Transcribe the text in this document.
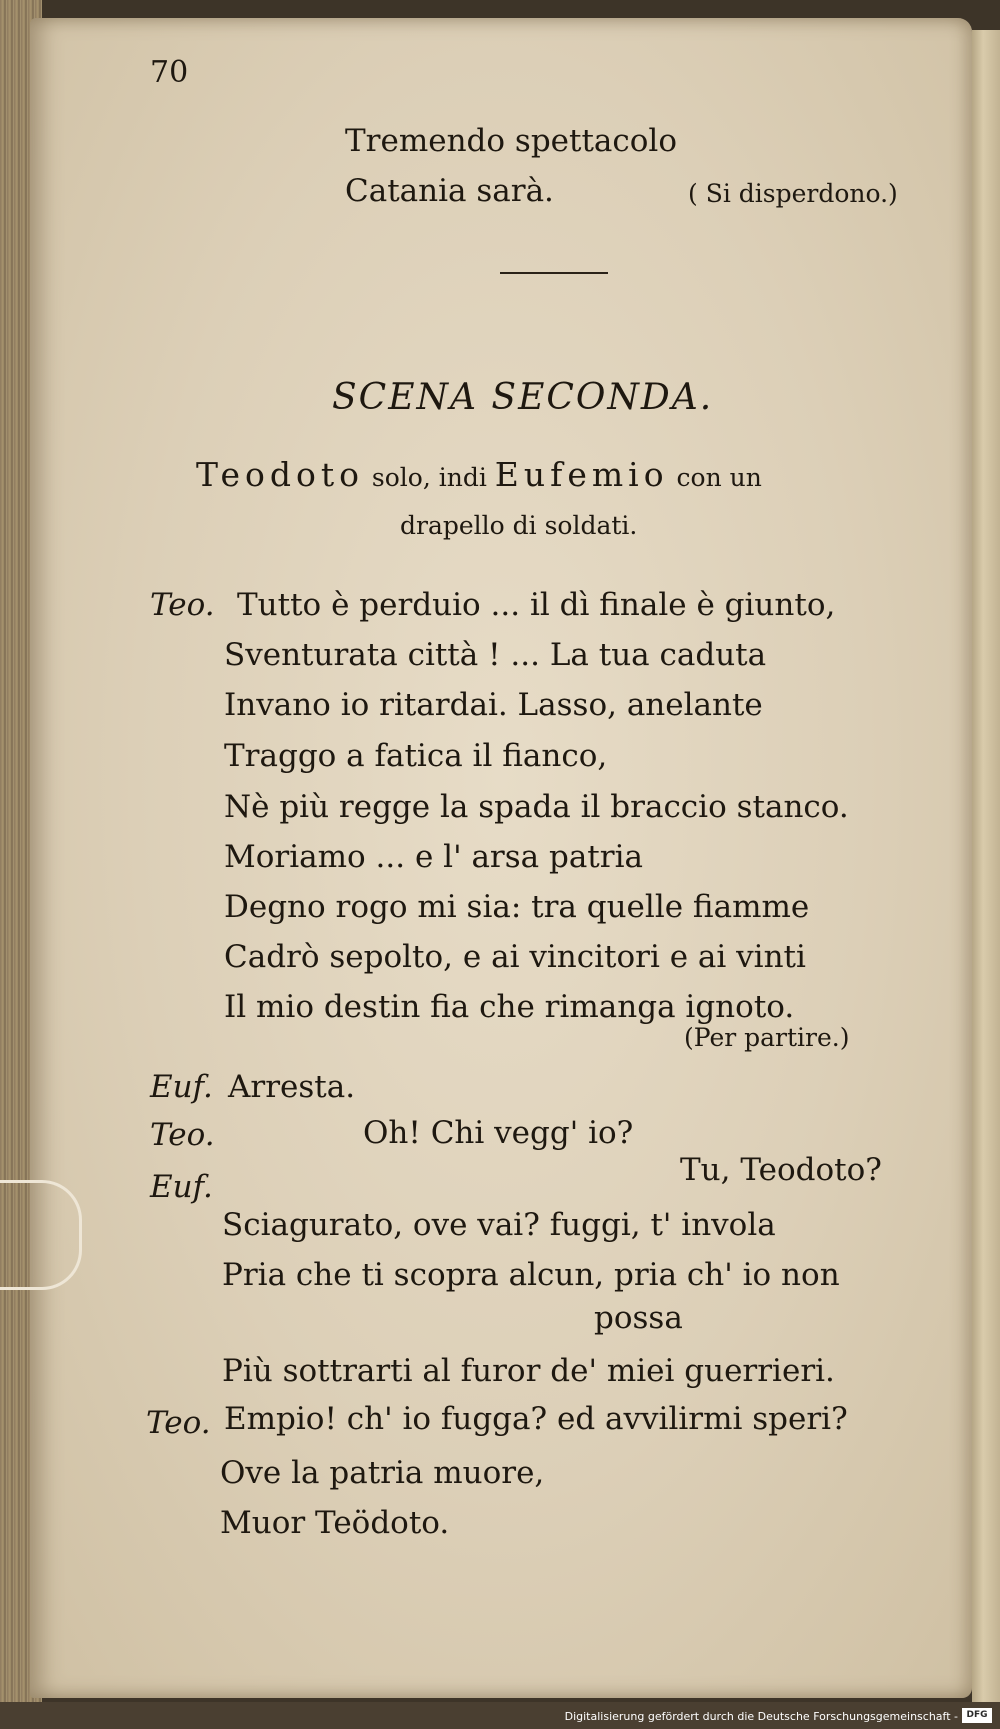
70
Tremendo spettacolo
Catania sarà.	( Si disperdono.)
SCENA SECONDA.
Teodoto solo, indi Eufemio con un
drapello di soldati.
Teo. Tutto è perduio ... il dì finale è giunto,
Sventurata città ! ... La tua caduta
Invano io ritardai. Lasso, anelante
Traggo a fatica il fianco,
Nè più regge la spada il braccio stanco.
Moriamo ... e l' arsa patria
Degno rogo mi sia: tra quelle fiamme
Cadrò sepolto, e ai vincitori e ai vinti
Il mio destin fia che rimanga ignoto.
(Per partire.)
Euf. Arresta.
Teo.	Oh! Chi vegg' io?
Euf.	Tu, Teodoto?
Sciagurato, ove vai? fuggi, t' invola
Pria che ti scopra alcun, pria ch' io non
possa
Più sottrarti al furor de' miei guerrieri.
Teo. Empio! ch' io fugga? ed avvilirmi speri?
Ove la patria muore,
Muor Teödoto.
Digitalisierung gefördert durch die Deutsche Forschungsgemeinschaft - DFG
